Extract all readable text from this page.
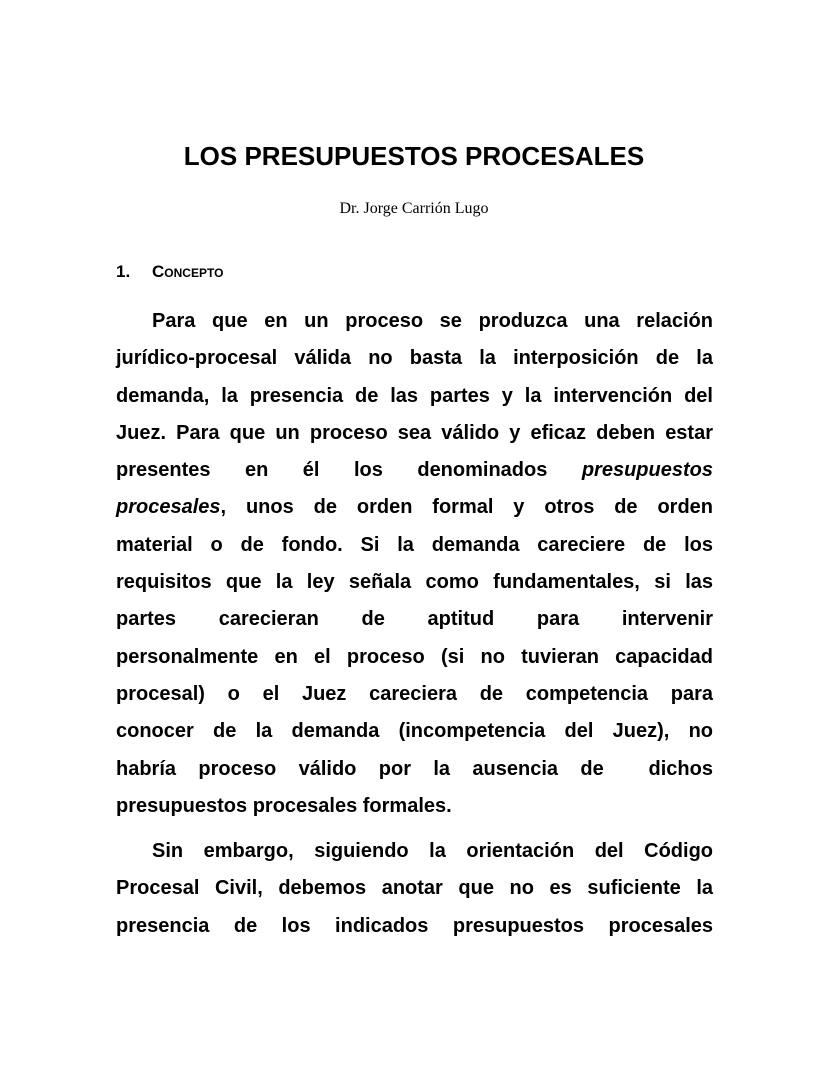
LOS PRESUPUESTOS PROCESALES
Dr. Jorge Carrión Lugo
1. Concepto
Para que en un proceso se produzca una relación
jurídico-procesal válida no basta la interposición de la
demanda, la presencia de las partes y la intervención del
Juez. Para que un proceso sea válido y eficaz deben estar
presentes en él los denominados presupuestos
procesales, unos de orden formal y otros de orden
material o de fondo. Si la demanda careciere de los
requisitos que la ley señala como fundamentales, si las
partes carecieran de aptitud para intervenir
personalmente en el proceso (si no tuvieran capacidad
procesal) o el Juez careciera de competencia para
conocer de la demanda (incompetencia del Juez), no
habría proceso válido por la ausencia de  dichos
presupuestos procesales formales.
Sin embargo, siguiendo la orientación del Código
Procesal Civil, debemos anotar que no es suficiente la
presencia de los indicados presupuestos procesales
